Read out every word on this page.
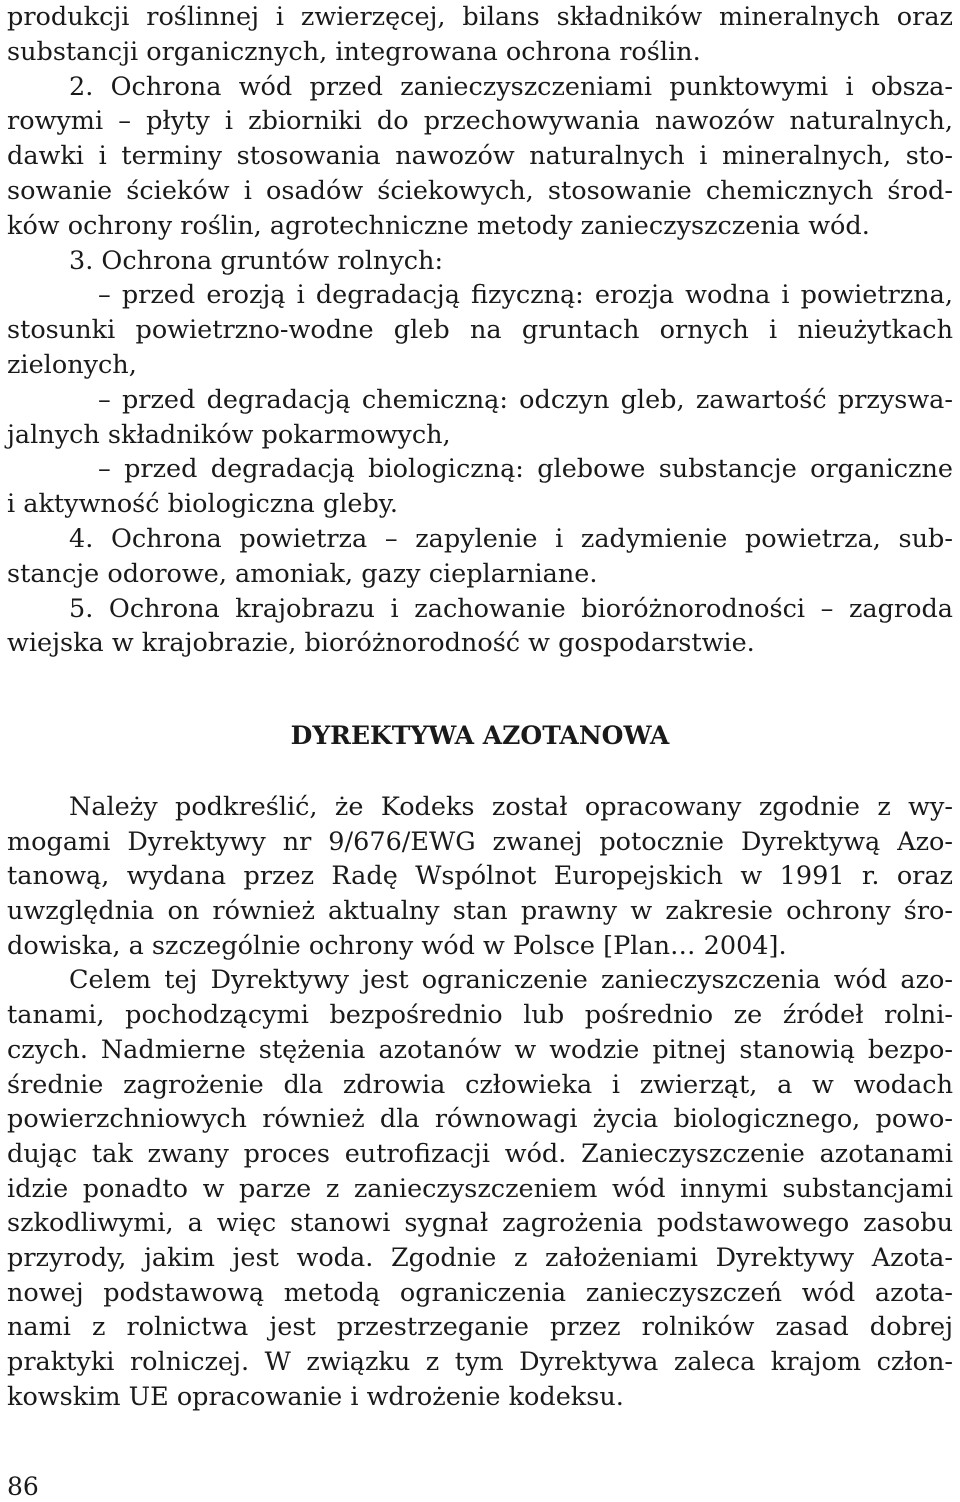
produkcji roślinnej i zwierzęcej, bilans składników mineralnych oraz
substancji organicznych, integrowana ochrona roślin.
2. Ochrona wód przed zanieczyszczeniami punktowymi i obsza-
rowymi – płyty i zbiorniki do przechowywania nawozów naturalnych,
dawki i terminy stosowania nawozów naturalnych i mineralnych, sto-
sowanie ścieków i osadów ściekowych, stosowanie chemicznych środ-
ków ochrony roślin, agrotechniczne metody zanieczyszczenia wód.
3. Ochrona gruntów rolnych:
– przed erozją i degradacją fizyczną: erozja wodna i powietrzna,
stosunki powietrzno-wodne gleb na gruntach ornych i nieużytkach
zielonych,
– przed degradacją chemiczną: odczyn gleb, zawartość przyswa-
jalnych składników pokarmowych,
– przed degradacją biologiczną: glebowe substancje organiczne
i aktywność biologiczna gleby.
4. Ochrona powietrza – zapylenie i zadymienie powietrza, sub-
stancje odorowe, amoniak, gazy cieplarniane.
5. Ochrona krajobrazu i zachowanie bioróżnorodności – zagroda
wiejska w krajobrazie, bioróżnorodność w gospodarstwie.
DYREKTYWA AZOTANOWA
Należy podkreślić, że Kodeks został opracowany zgodnie z wy-
mogami Dyrektywy nr 9/676/EWG zwanej potocznie Dyrektywą Azo-
tanową, wydana przez Radę Wspólnot Europejskich w 1991 r. oraz
uwzględnia on również aktualny stan prawny w zakresie ochrony śro-
dowiska, a szczególnie ochrony wód w Polsce [Plan… 2004].
Celem tej Dyrektywy jest ograniczenie zanieczyszczenia wód azo-
tanami, pochodzącymi bezpośrednio lub pośrednio ze źródeł rolni-
czych. Nadmierne stężenia azotanów w wodzie pitnej stanowią bezpo-
średnie zagrożenie dla zdrowia człowieka i zwierząt, a w wodach
powierzchniowych również dla równowagi życia biologicznego, powo-
dując tak zwany proces eutrofizacji wód. Zanieczyszczenie azotanami
idzie ponadto w parze z zanieczyszczeniem wód innymi substancjami
szkodliwymi, a więc stanowi sygnał zagrożenia podstawowego zasobu
przyrody, jakim jest woda. Zgodnie z założeniami Dyrektywy Azota-
nowej podstawową metodą ograniczenia zanieczyszczeń wód azota-
nami z rolnictwa jest przestrzeganie przez rolników zasad dobrej
praktyki rolniczej. W związku z tym Dyrektywa zaleca krajom człon-
kowskim UE opracowanie i wdrożenie kodeksu.
86
